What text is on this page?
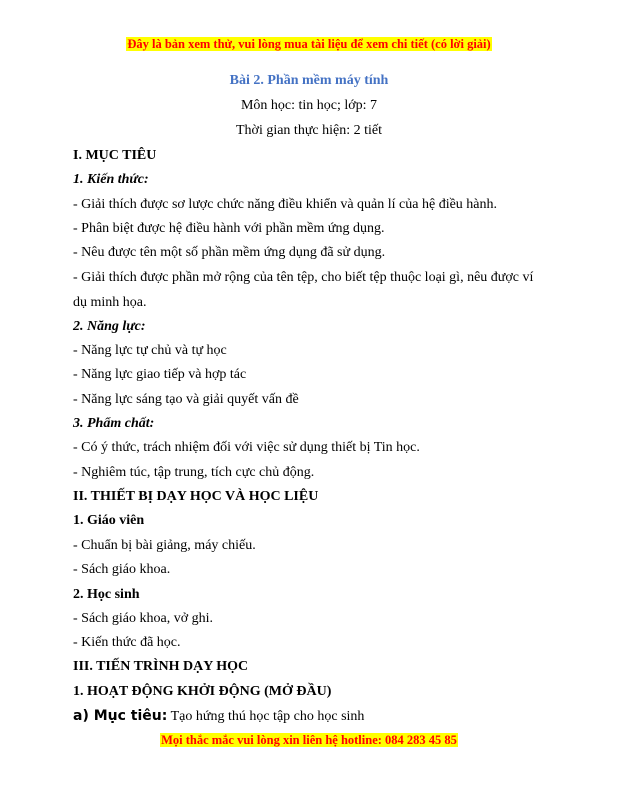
Đây là bản xem thử, vui lòng mua tài liệu để xem chi tiết (có lời giải)
Bài 2. Phần mềm máy tính
Môn học: tin học; lớp: 7
Thời gian thực hiện: 2 tiết
I. MỤC TIÊU
1. Kiến thức:
- Giải thích được sơ lược chức năng điều khiển và quản lí của hệ điều hành.
- Phân biệt được hệ điều hành với phần mềm ứng dụng.
- Nêu được tên một số phần mềm ứng dụng đã sử dụng.
- Giải thích được phần mở rộng của tên tệp, cho biết tệp thuộc loại gì, nêu được ví
dụ minh họa.
2. Năng lực:
- Năng lực tự chủ và tự học
- Năng lực giao tiếp và hợp tác
- Năng lực sáng tạo và giải quyết vấn đề
3. Phẩm chất:
- Có ý thức, trách nhiệm đối với việc sử dụng thiết bị Tin học.
- Nghiêm túc, tập trung, tích cực chủ động.
II. THIẾT BỊ DẠY HỌC VÀ HỌC LIỆU
1. Giáo viên
- Chuẩn bị bài giảng, máy chiếu.
- Sách giáo khoa.
2. Học sinh
- Sách giáo khoa, vở ghi.
- Kiến thức đã học.
III. TIẾN TRÌNH DẠY HỌC
1. HOẠT ĐỘNG KHỞI ĐỘNG (MỞ ĐẦU)
a) Mục tiêu: Tạo hứng thú học tập cho học sinh
Mọi thắc mắc vui lòng xin liên hệ hotline: 084 283 45 85
